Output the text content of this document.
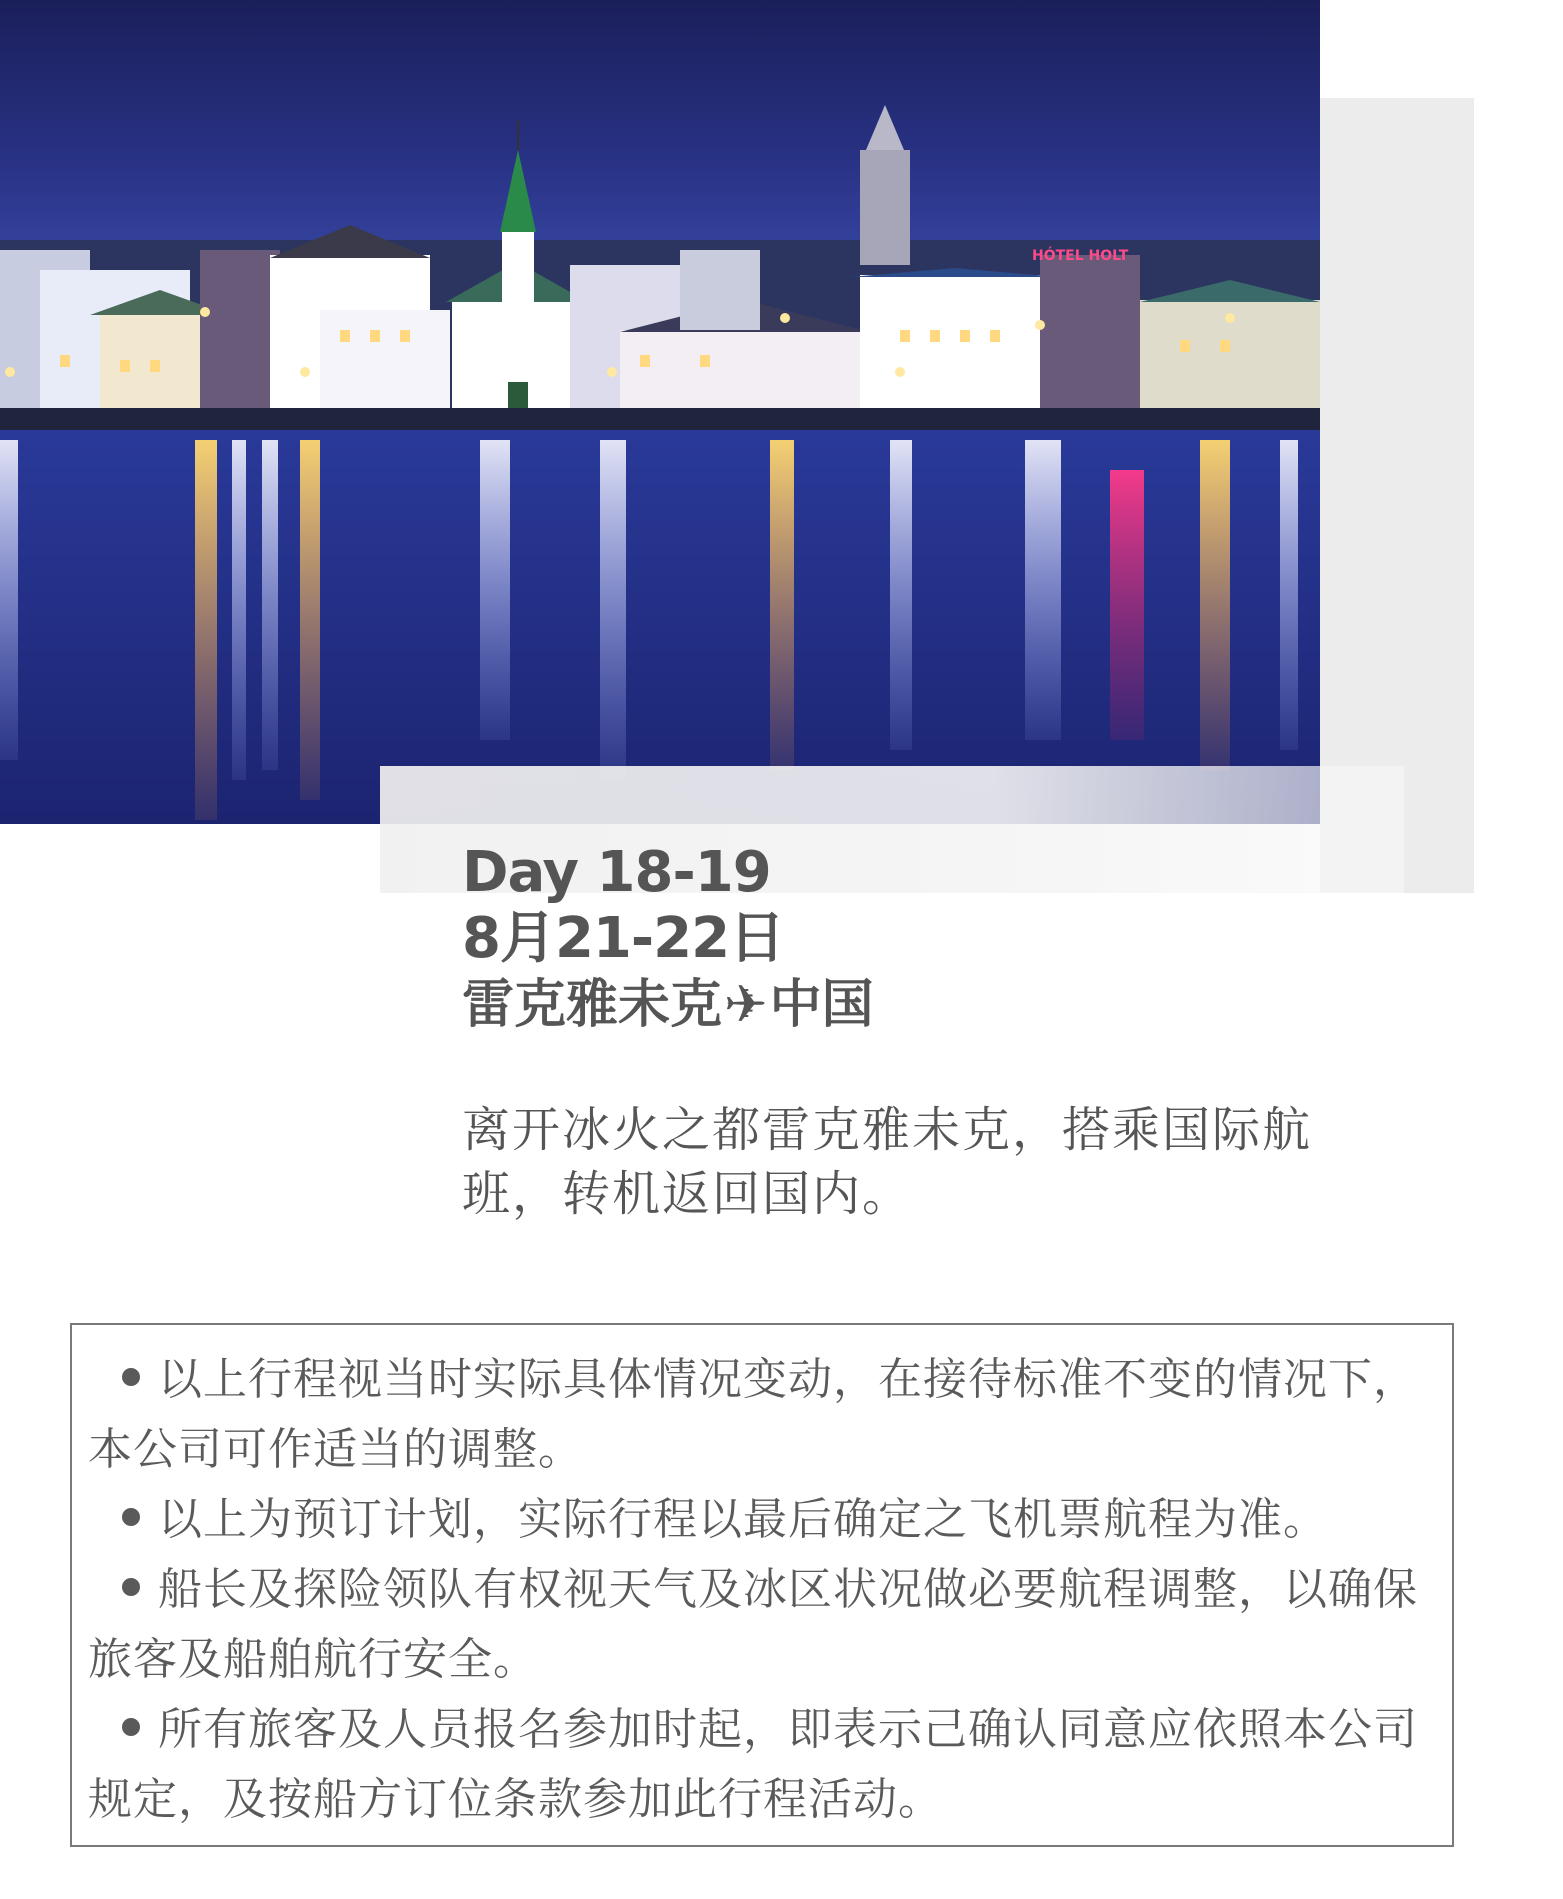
HÓTEL HOLT
Day 18-19
8月21-22日
雷克雅未克✈中国
离开冰火之都雷克雅未克，搭乘国际航班，转机返回国内。
以上行程视当时实际具体情况变动，在接待标准不变的情况下，本公司可作适当的调整。
以上为预订计划，实际行程以最后确定之飞机票航程为准。
船长及探险领队有权视天气及冰区状况做必要航程调整，以确保旅客及船舶航行安全。
所有旅客及人员报名参加时起，即表示己确认同意应依照本公司规定，及按船方订位条款参加此行程活动。
